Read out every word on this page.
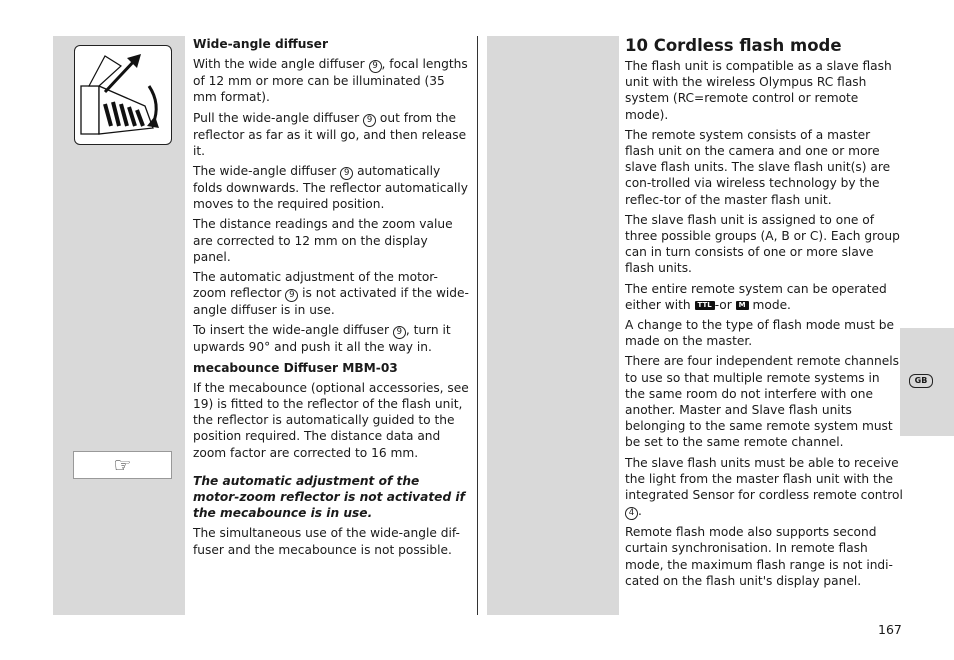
☞
Wide-angle diffuser

With the wide angle diffuser 9 , focal lengths of 12 mm or more can be illuminated (35 mm format).

Pull the wide-angle diffuser 9 out from the reflector as far as it will go, and then release it.

The wide-angle diffuser 9 automatically folds downwards. The reflector automatically moves to the required position.

The distance readings and the zoom value are corrected to 12 mm on the display panel.

The automatic adjustment of the motor-zoom reflector 9 is not activated if the wide-angle diffuser is in use.

To insert the wide-angle diffuser 9 , turn it upwards 90° and push it all the way in.

mecabounce Diffuser MBM-03

If the mecabounce (optional accessories, see 19) is fitted to the reflector of the flash unit, the reflector is automatically guided to the position required. The distance data and zoom factor are corrected to 16 mm.

The automatic adjustment of the motor-zoom reflector is not activated if the mecabounce is in use.

The simultaneous use of the wide-angle dif-fuser and the mecabounce is not possible.

10 Cordless flash mode

The flash unit is compatible as a slave flash unit with the wireless Olympus RC flash system (RC=remote control or remote mode).

The remote system consists of a master flash unit on the camera and one or more slave flash units. The slave flash unit(s) are con-trolled via wireless technology by the reflec-tor of the master flash unit.

The slave flash unit is assigned to one of three possible groups (A, B or C). Each group can in turn consists of one or more slave flash units.

The entire remote system can be operated either with TTL -or M mode.

A change to the type of flash mode must be made on the master.

There are four independent remote channels to use so that multiple remote systems in the same room do not interfere with one another. Master and Slave flash units belonging to the same remote system must be set to the same remote channel.

The slave flash units must be able to receive the light from the master flash unit with the integrated Sensor for cordless remote control 4 .

Remote flash mode also supports second curtain synchronisation. In remote flash mode, the maximum flash range is not indi-cated on the flash unit's display panel.

GB
167
